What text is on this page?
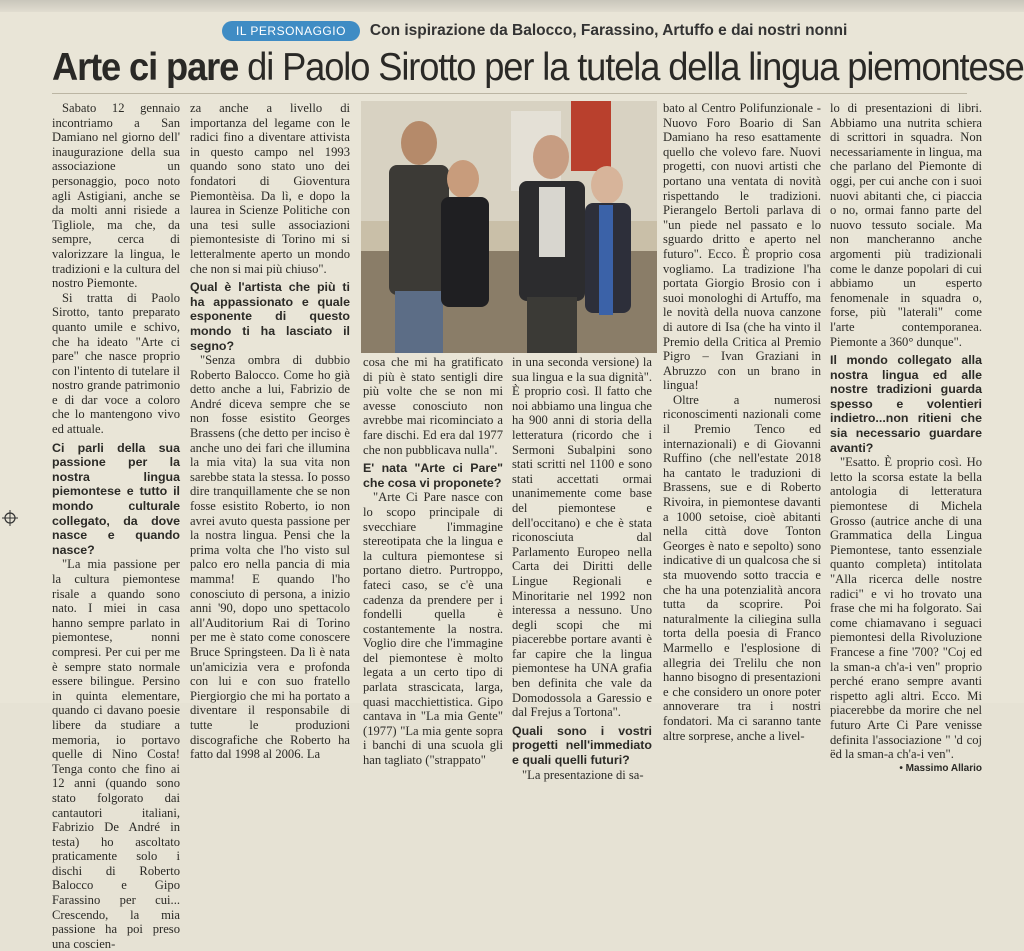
IL PERSONAGGIO	Con ispirazione da Balocco, Farassino, Artuffo e dai nostri nonni
Arte ci pare di Paolo Sirotto per la tutela della lingua piemontese

Sabato 12 gennaio incontriamo a San Damiano nel giorno dell' inaugurazione della sua associazione un personaggio, poco noto agli Astigiani, anche se da molti anni risiede a Tigliole, ma che, da sempre, cerca di valorizzare la lingua, le tradizioni e la cultura del nostro Piemonte.

Si tratta di Paolo Sirotto, tanto preparato quanto umile e schivo, che ha ideato "Arte ci pare" che nasce proprio con l'intento di tutelare il nostro grande patrimonio e di dar voce a coloro che lo mantengono vivo ed attuale.

Ci parli della sua passione per la nostra lingua piemontese e tutto il mondo culturale collegato, da dove nasce e quando nasce?

"La mia passione per la cultura piemontese risale a quando sono nato. I miei in casa hanno sempre parlato in piemontese, nonni compresi. Per cui per me è sempre stato normale essere bilingue. Persino in quinta elementare, quando ci davano poesie libere da studiare a memoria, io portavo quelle di Nino Costa! Tenga conto che fino ai 12 anni (quando sono stato folgorato dai cantautori italiani, Fabrizio De André in testa) ho ascoltato praticamente solo i dischi di Roberto Balocco e Gipo Farassino per cui... Crescendo, la mia passione ha poi preso una coscien-

za anche a livello di importanza del legame con le radici fino a diventare attivista in questo campo nel 1993 quando sono stato uno dei fondatori di Gioventura Piemontèisa. Da lì, e dopo la laurea in Scienze Politiche con una tesi sulle associazioni piemontesiste di Torino mi si letteralmente aperto un mondo che non si mai più chiuso".

Qual è l'artista che più ti ha appassionato e quale esponente di questo mondo ti ha lasciato il segno?

"Senza ombra di dubbio Roberto Balocco. Come ho già detto anche a lui, Fabrizio de André diceva sempre che se non fosse esistito Georges Brassens (che detto per inciso è anche uno dei fari che illumina la mia vita) la sua vita non sarebbe stata la stessa. Io posso dire tranquillamente che se non fosse esistito Roberto, io non avrei avuto questa passione per la nostra lingua. Pensi che la prima volta che l'ho visto sul palco ero nella pancia di mia mamma! E quando l'ho conosciuto di persona, a inizio anni '90, dopo uno spettacolo all'Auditorium Rai di Torino per me è stato come conoscere Bruce Springsteen. Da lì è nata un'amicizia vera e profonda con lui e con suo fratello Piergiorgio che mi ha portato a diventare il responsabile di tutte le produzioni discografiche che Roberto ha fatto dal 1998 al 2006. La

cosa che mi ha gratificato di più è stato sentigli dire più volte che se non mi avesse conosciuto non avrebbe mai ricominciato a fare dischi. Ed era dal 1977 che non pubblicava nulla".

E' nata "Arte ci Pare" che cosa vi proponete?

"Arte Ci Pare nasce con lo scopo principale di svecchiare l'immagine stereotipata che la lingua e la cultura piemontese si portano dietro. Purtroppo, fateci caso, se c'è una cadenza da prendere per i fondelli quella è costantemente la nostra. Voglio dire che l'immagine del piemontese è molto legata a un certo tipo di parlata strascicata, larga, quasi macchiettistica. Gipo cantava in "La mia Gente" (1977) "La mia gente sopra i banchi di una scuola gli han tagliato ("strappato"

in una seconda versione) la sua lingua e la sua dignità". È proprio così. Il fatto che noi abbiamo una lingua che ha 900 anni di storia della letteratura (ricordo che i Sermoni Subalpini sono stati scritti nel 1100 e sono stati accettati ormai unanimemente come base del piemontese e dell'occitano) e che è stata riconosciuta dal Parlamento Europeo nella Carta dei Diritti delle Lingue Regionali e Minoritarie nel 1992 non interessa a nessuno. Uno degli scopi che mi piacerebbe portare avanti è far capire che la lingua piemontese ha UNA grafia ben definita che vale da Domodossola a Garessio e dal Frejus a Tortona".

Quali sono i vostri progetti nell'immediato e quali quelli futuri?

"La presentazione di sa-

bato al Centro Polifunzionale - Nuovo Foro Boario di San Damiano ha reso esattamente quello che volevo fare. Nuovi progetti, con nuovi artisti che portano una ventata di novità rispettando le tradizioni. Pierangelo Bertoli parlava di "un piede nel passato e lo sguardo dritto e aperto nel futuro". Ecco. È proprio cosa vogliamo. La tradizione l'ha portata Giorgio Brosio con i suoi monologhi di Artuffo, ma le novità della nuova canzone di autore di Isa (che ha vinto il Premio della Critica al Premio Pigro – Ivan Graziani in Abruzzo con un brano in lingua!

Oltre a numerosi riconoscimenti nazionali come il Premio Tenco ed internazionali) e di Giovanni Ruffino (che nell'estate 2018 ha cantato le traduzioni di Brassens, sue e di Roberto Rivoira, in piemontese davanti a 1000 setoise, cioè abitanti nella città dove Tonton Georges è nato e sepolto) sono indicative di un qualcosa che si sta muovendo sotto traccia e che ha una potenzialità ancora tutta da scoprire. Poi naturalmente la ciliegina sulla torta della poesia di Franco Marmello e l'esplosione di allegria dei Trelilu che non hanno bisogno di presentazioni e che considero un onore poter annoverare tra i nostri fondatori. Ma ci saranno tante altre sorprese, anche a livel-

lo di presentazioni di libri. Abbiamo una nutrita schiera di scrittori in squadra. Non necessariamente in lingua, ma che parlano del Piemonte di oggi, per cui anche con i suoi nuovi abitanti che, ci piaccia o no, ormai fanno parte del nuovo tessuto sociale. Ma non mancheranno anche argomenti più tradizionali come le danze popolari di cui abbiamo un esperto fenomenale in squadra o, forse, più "laterali" come l'arte contemporanea. Piemonte a 360° dunque".

Il mondo collegato alla nostra lingua ed alle nostre tradizioni guarda spesso e volentieri indietro...non ritieni che sia necessario guardare avanti?

"Esatto. È proprio così. Ho letto la scorsa estate la bella antologia di letteratura piemontese di Michela Grosso (autrice anche di una Grammatica della Lingua Piemontese, tanto essenziale quanto completa) intitolata "Alla ricerca delle nostre radici" e vi ho trovato una frase che mi ha folgorato. Sai come chiamavano i seguaci piemontesi della Rivoluzione Francese a fine '700? "Coj ed la sman-a ch'a-i ven" proprio perché erano sempre avanti rispetto agli altri. Ecco. Mi piacerebbe da morire che nel futuro Arte Ci Pare venisse definita l'associazione " 'd coj ëd la sman-a ch'a-i ven".

• Massimo Allario
